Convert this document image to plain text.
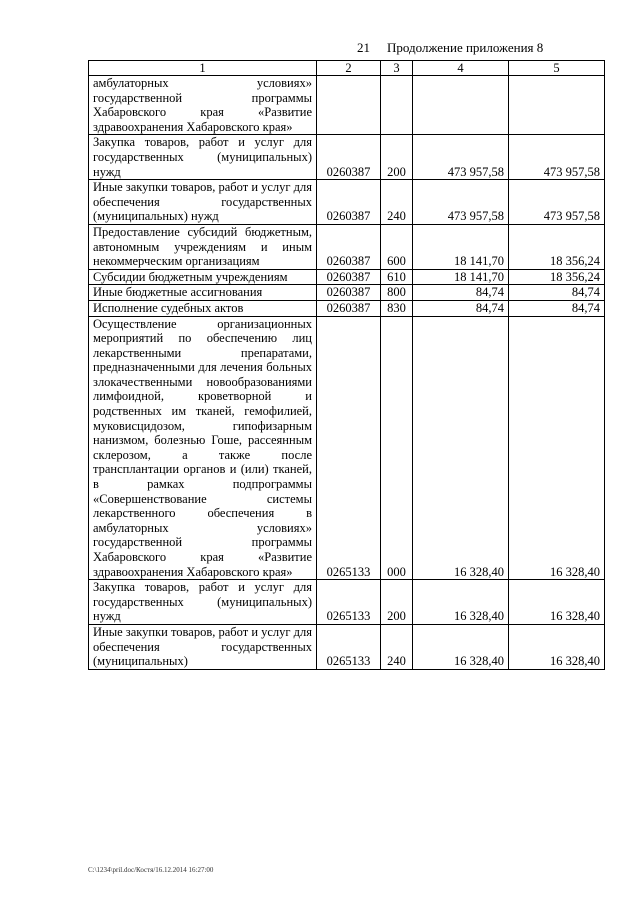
21 Продолжение приложения 8
1	2	3	4	5
амбулаторных условиях» государственной программы Хабаровского края «Развитие здравоохранения Хабаровского края»				
Закупка товаров, работ и услуг для государственных (муниципальных) нужд	0260387	200	473 957,58	473 957,58
Иные закупки товаров, работ и услуг для обеспечения государственных (муниципальных) нужд	0260387	240	473 957,58	473 957,58
Предоставление субсидий бюджетным, автономным учреждениям и иным некоммерческим организациям	0260387	600	18 141,70	18 356,24
Субсидии бюджетным учреждениям	0260387	610	18 141,70	18 356,24
Иные бюджетные ассигнования	0260387	800	84,74	84,74
Исполнение судебных актов	0260387	830	84,74	84,74
Осуществление организационных мероприятий по обеспечению лиц лекарственными препаратами, предназначенными для лечения больных злокачественными новообразованиями лимфоидной, кроветворной и родственных им тканей, гемофилией, муковисцидозом, гипофизарным нанизмом, болезнью Гоше, рассеянным склерозом, а также после трансплантации органов и (или) тканей, в рамках подпрограммы «Совершенствование системы лекарственного обеспечения в амбулаторных условиях» государственной программы Хабаровского края «Развитие здравоохранения Хабаровского края»	0265133	000	16 328,40	16 328,40
Закупка товаров, работ и услуг для государственных (муниципальных) нужд	0265133	200	16 328,40	16 328,40
Иные закупки товаров, работ и услуг для обеспечения государственных (муниципальных)	0265133	240	16 328,40	16 328,40
C:\1234\pril.doc/Костя/16.12.2014 16:27:00
